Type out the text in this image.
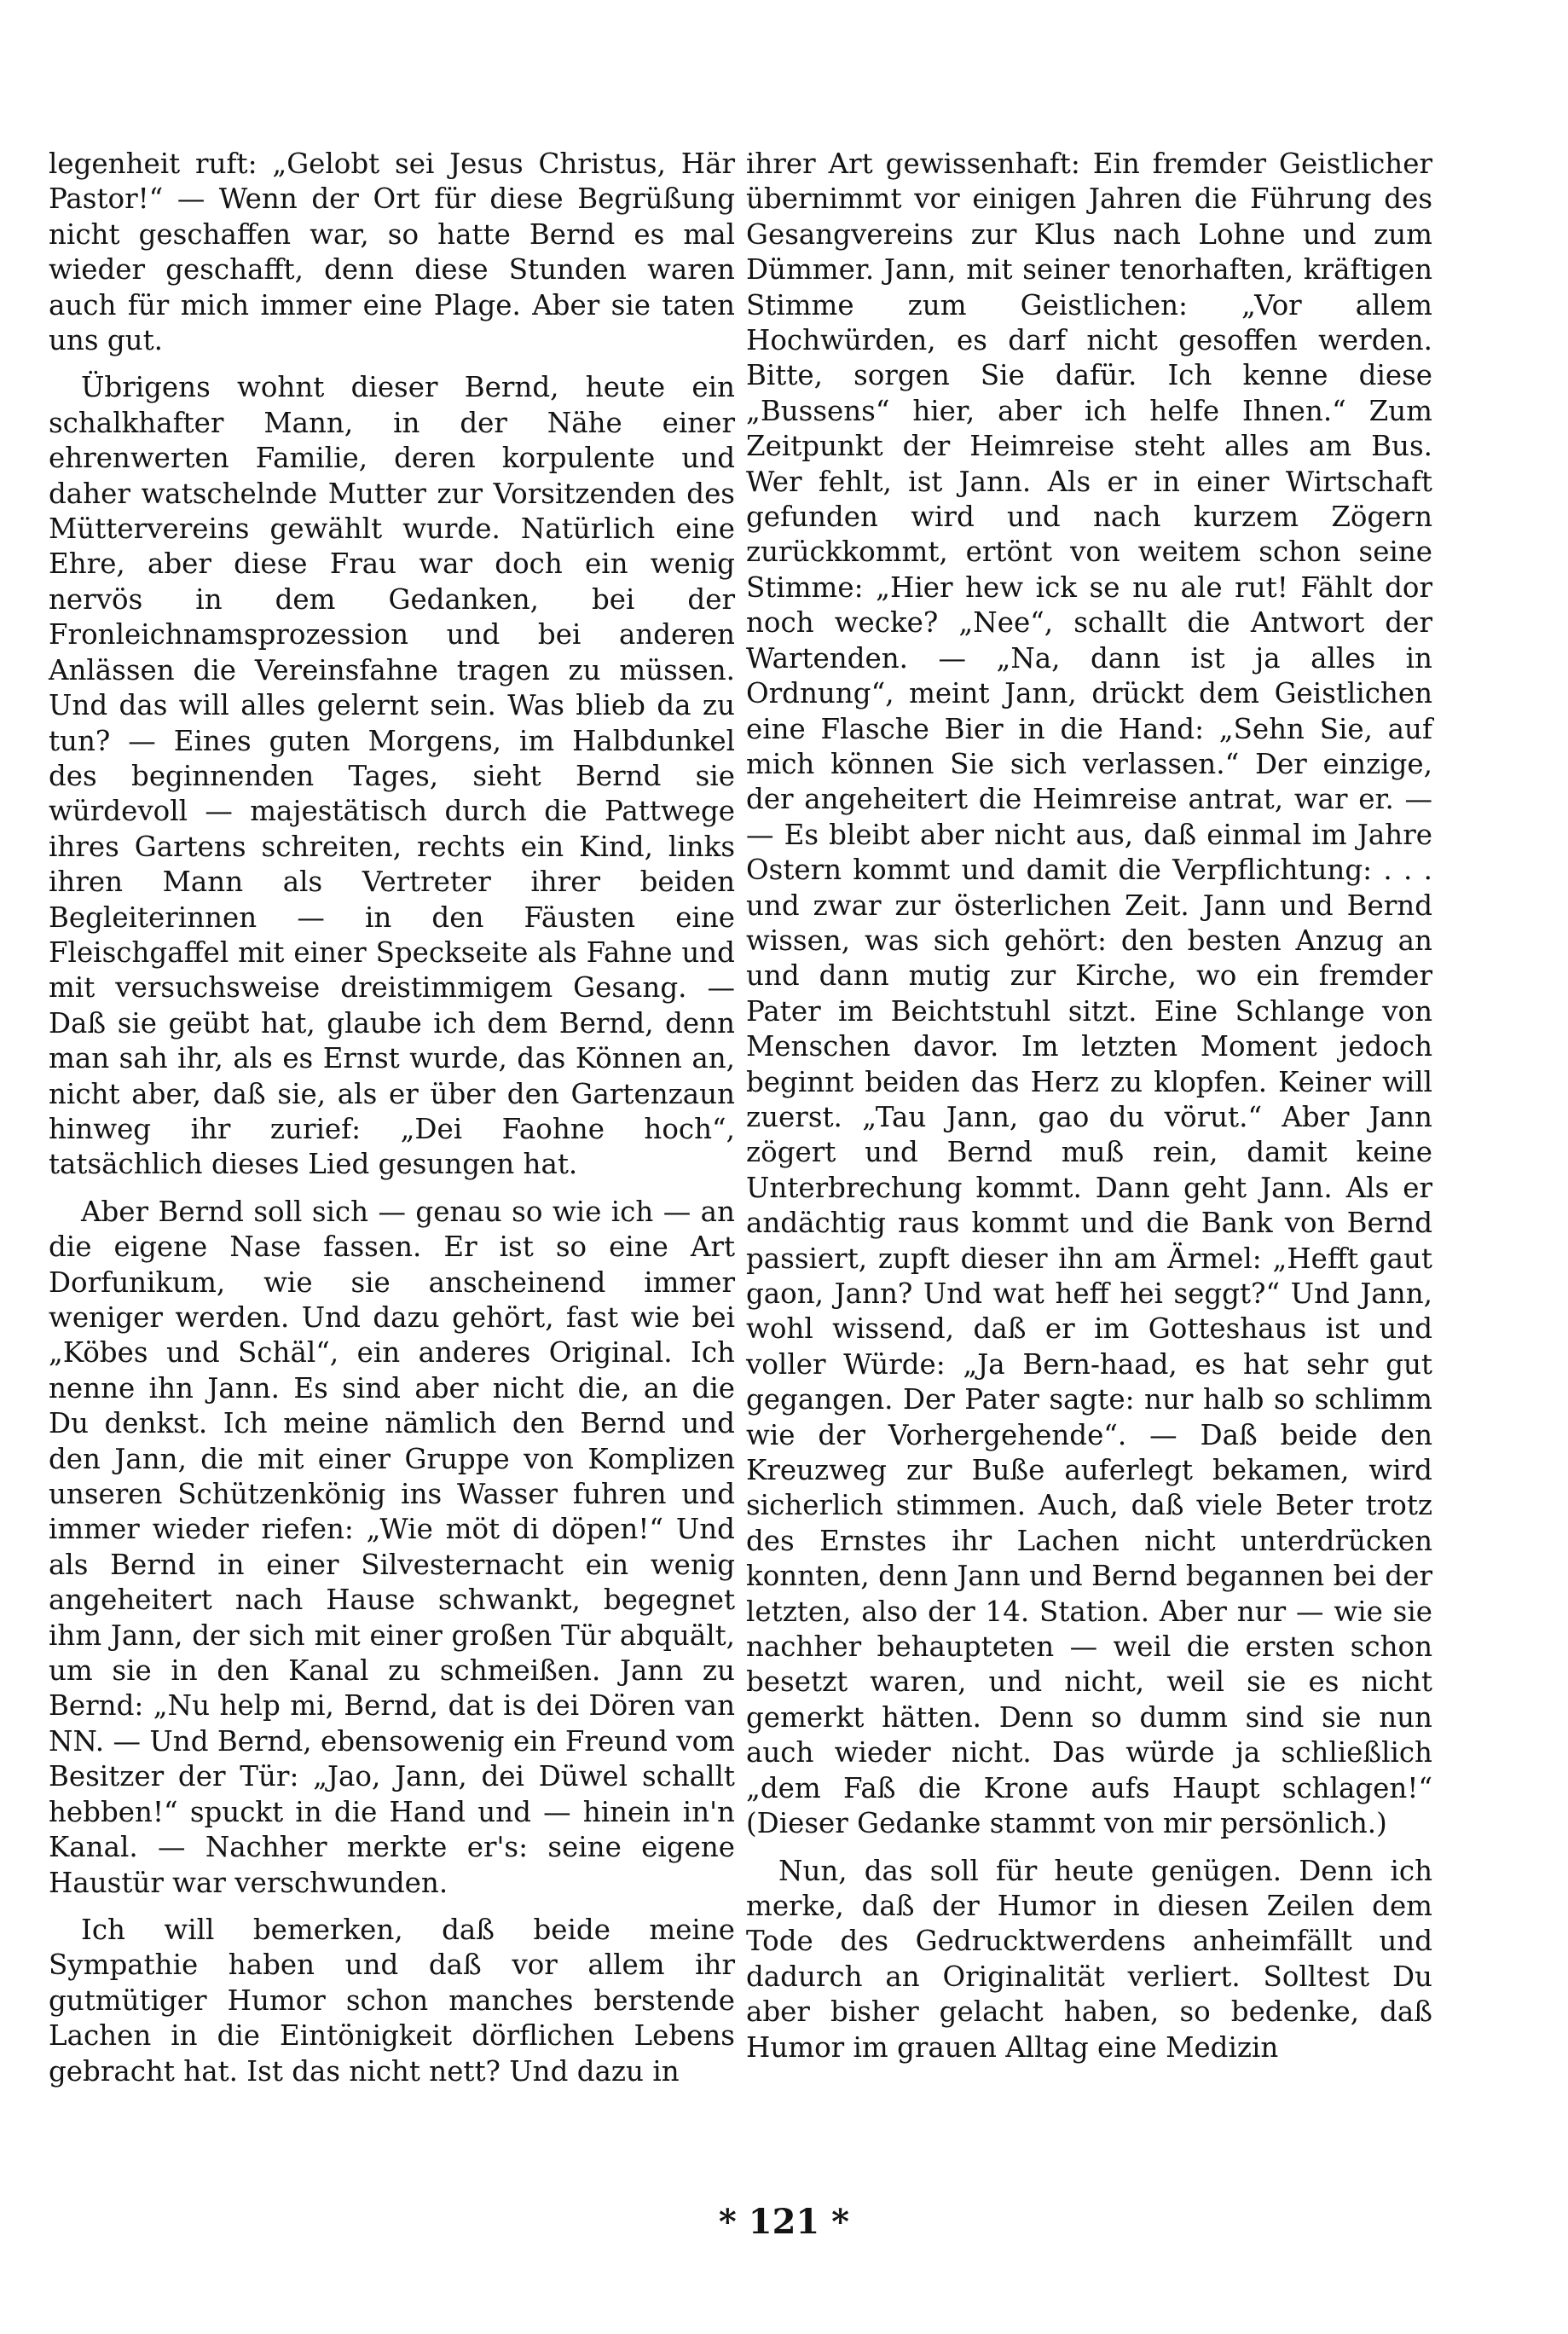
legenheit ruft: „Gelobt sei Jesus Christus, Här Pastor!“ — Wenn der Ort für diese Begrüßung nicht geschaffen war, so hatte Bernd es mal wieder geschafft, denn diese Stunden waren auch für mich immer eine Plage. Aber sie taten uns gut.

Übrigens wohnt dieser Bernd, heute ein schalkhafter Mann, in der Nähe einer ehrenwerten Familie, deren korpulente und daher watschelnde Mutter zur Vorsitzenden des Müttervereins gewählt wurde. Natürlich eine Ehre, aber diese Frau war doch ein wenig nervös in dem Gedanken, bei der Fronleichnamsprozession und bei anderen Anlässen die Vereinsfahne tragen zu müssen. Und das will alles gelernt sein. Was blieb da zu tun? — Eines guten Morgens, im Halbdunkel des beginnenden Tages, sieht Bernd sie würdevoll — majestätisch durch die Pattwege ihres Gartens schreiten, rechts ein Kind, links ihren Mann als Vertreter ihrer beiden Begleiterinnen — in den Fäusten eine Fleischgaffel mit einer Speckseite als Fahne und mit versuchsweise dreistimmigem Gesang. — Daß sie geübt hat, glaube ich dem Bernd, denn man sah ihr, als es Ernst wurde, das Können an, nicht aber, daß sie, als er über den Gartenzaun hinweg ihr zurief: „Dei Faohne hoch“, tatsächlich dieses Lied gesungen hat.

Aber Bernd soll sich — genau so wie ich — an die eigene Nase fassen. Er ist so eine Art Dorfunikum, wie sie anscheinend immer weniger werden. Und dazu gehört, fast wie bei „Köbes und Schäl“, ein anderes Original. Ich nenne ihn Jann. Es sind aber nicht die, an die Du denkst. Ich meine nämlich den Bernd und den Jann, die mit einer Gruppe von Komplizen unseren Schützenkönig ins Wasser fuhren und immer wieder riefen: „Wie möt di döpen!“ Und als Bernd in einer Silvesternacht ein wenig angeheitert nach Hause schwankt, begegnet ihm Jann, der sich mit einer großen Tür abquält, um sie in den Kanal zu schmeißen. Jann zu Bernd: „Nu help mi, Bernd, dat is dei Dören van NN. — Und Bernd, ebensowenig ein Freund vom Besitzer der Tür: „Jao, Jann, dei Düwel schallt hebben!“ spuckt in die Hand und — hinein in'n Kanal. — Nachher merkte er's: seine eigene Haustür war verschwunden.

Ich will bemerken, daß beide meine Sympathie haben und daß vor allem ihr gutmütiger Humor schon manches berstende Lachen in die Eintönigkeit dörflichen Lebens gebracht hat. Ist das nicht nett? Und dazu in

ihrer Art gewissenhaft: Ein fremder Geistlicher übernimmt vor einigen Jahren die Führung des Gesangvereins zur Klus nach Lohne und zum Dümmer. Jann, mit seiner tenorhaften, kräftigen Stimme zum Geistlichen: „Vor allem Hochwürden, es darf nicht gesoffen werden. Bitte, sorgen Sie dafür. Ich kenne diese „Bussens“ hier, aber ich helfe Ihnen.“ Zum Zeitpunkt der Heimreise steht alles am Bus. Wer fehlt, ist Jann. Als er in einer Wirtschaft gefunden wird und nach kurzem Zögern zurückkommt, ertönt von weitem schon seine Stimme: „Hier hew ick se nu ale rut! Fählt dor noch wecke? „Nee“, schallt die Antwort der Wartenden. — „Na, dann ist ja alles in Ordnung“, meint Jann, drückt dem Geistlichen eine Flasche Bier in die Hand: „Sehn Sie, auf mich können Sie sich verlassen.“ Der einzige, der angeheitert die Heimreise antrat, war er. — — Es bleibt aber nicht aus, daß einmal im Jahre Ostern kommt und damit die Verpflichtung: . . . und zwar zur österlichen Zeit. Jann und Bernd wissen, was sich gehört: den besten Anzug an und dann mutig zur Kirche, wo ein fremder Pater im Beichtstuhl sitzt. Eine Schlange von Menschen davor. Im letzten Moment jedoch beginnt beiden das Herz zu klopfen. Keiner will zuerst. „Tau Jann, gao du vörut.“ Aber Jann zögert und Bernd muß rein, damit keine Unterbrechung kommt. Dann geht Jann. Als er andächtig raus kommt und die Bank von Bernd passiert, zupft dieser ihn am Ärmel: „Hefft gaut gaon, Jann? Und wat heff hei seggt?“ Und Jann, wohl wissend, daß er im Gotteshaus ist und voller Würde: „Ja Bern-haad, es hat sehr gut gegangen. Der Pater sagte: nur halb so schlimm wie der Vorhergehende“. — Daß beide den Kreuzweg zur Buße auferlegt bekamen, wird sicherlich stimmen. Auch, daß viele Beter trotz des Ernstes ihr Lachen nicht unterdrücken konnten, denn Jann und Bernd begannen bei der letzten, also der 14. Station. Aber nur — wie sie nachher behaupteten — weil die ersten schon besetzt waren, und nicht, weil sie es nicht gemerkt hätten. Denn so dumm sind sie nun auch wieder nicht. Das würde ja schließlich „dem Faß die Krone aufs Haupt schlagen!“ (Dieser Gedanke stammt von mir persönlich.)

Nun, das soll für heute genügen. Denn ich merke, daß der Humor in diesen Zeilen dem Tode des Gedrucktwerdens anheimfällt und dadurch an Originalität verliert. Solltest Du aber bisher gelacht haben, so bedenke, daß Humor im grauen Alltag eine Medizin

* 121 *
